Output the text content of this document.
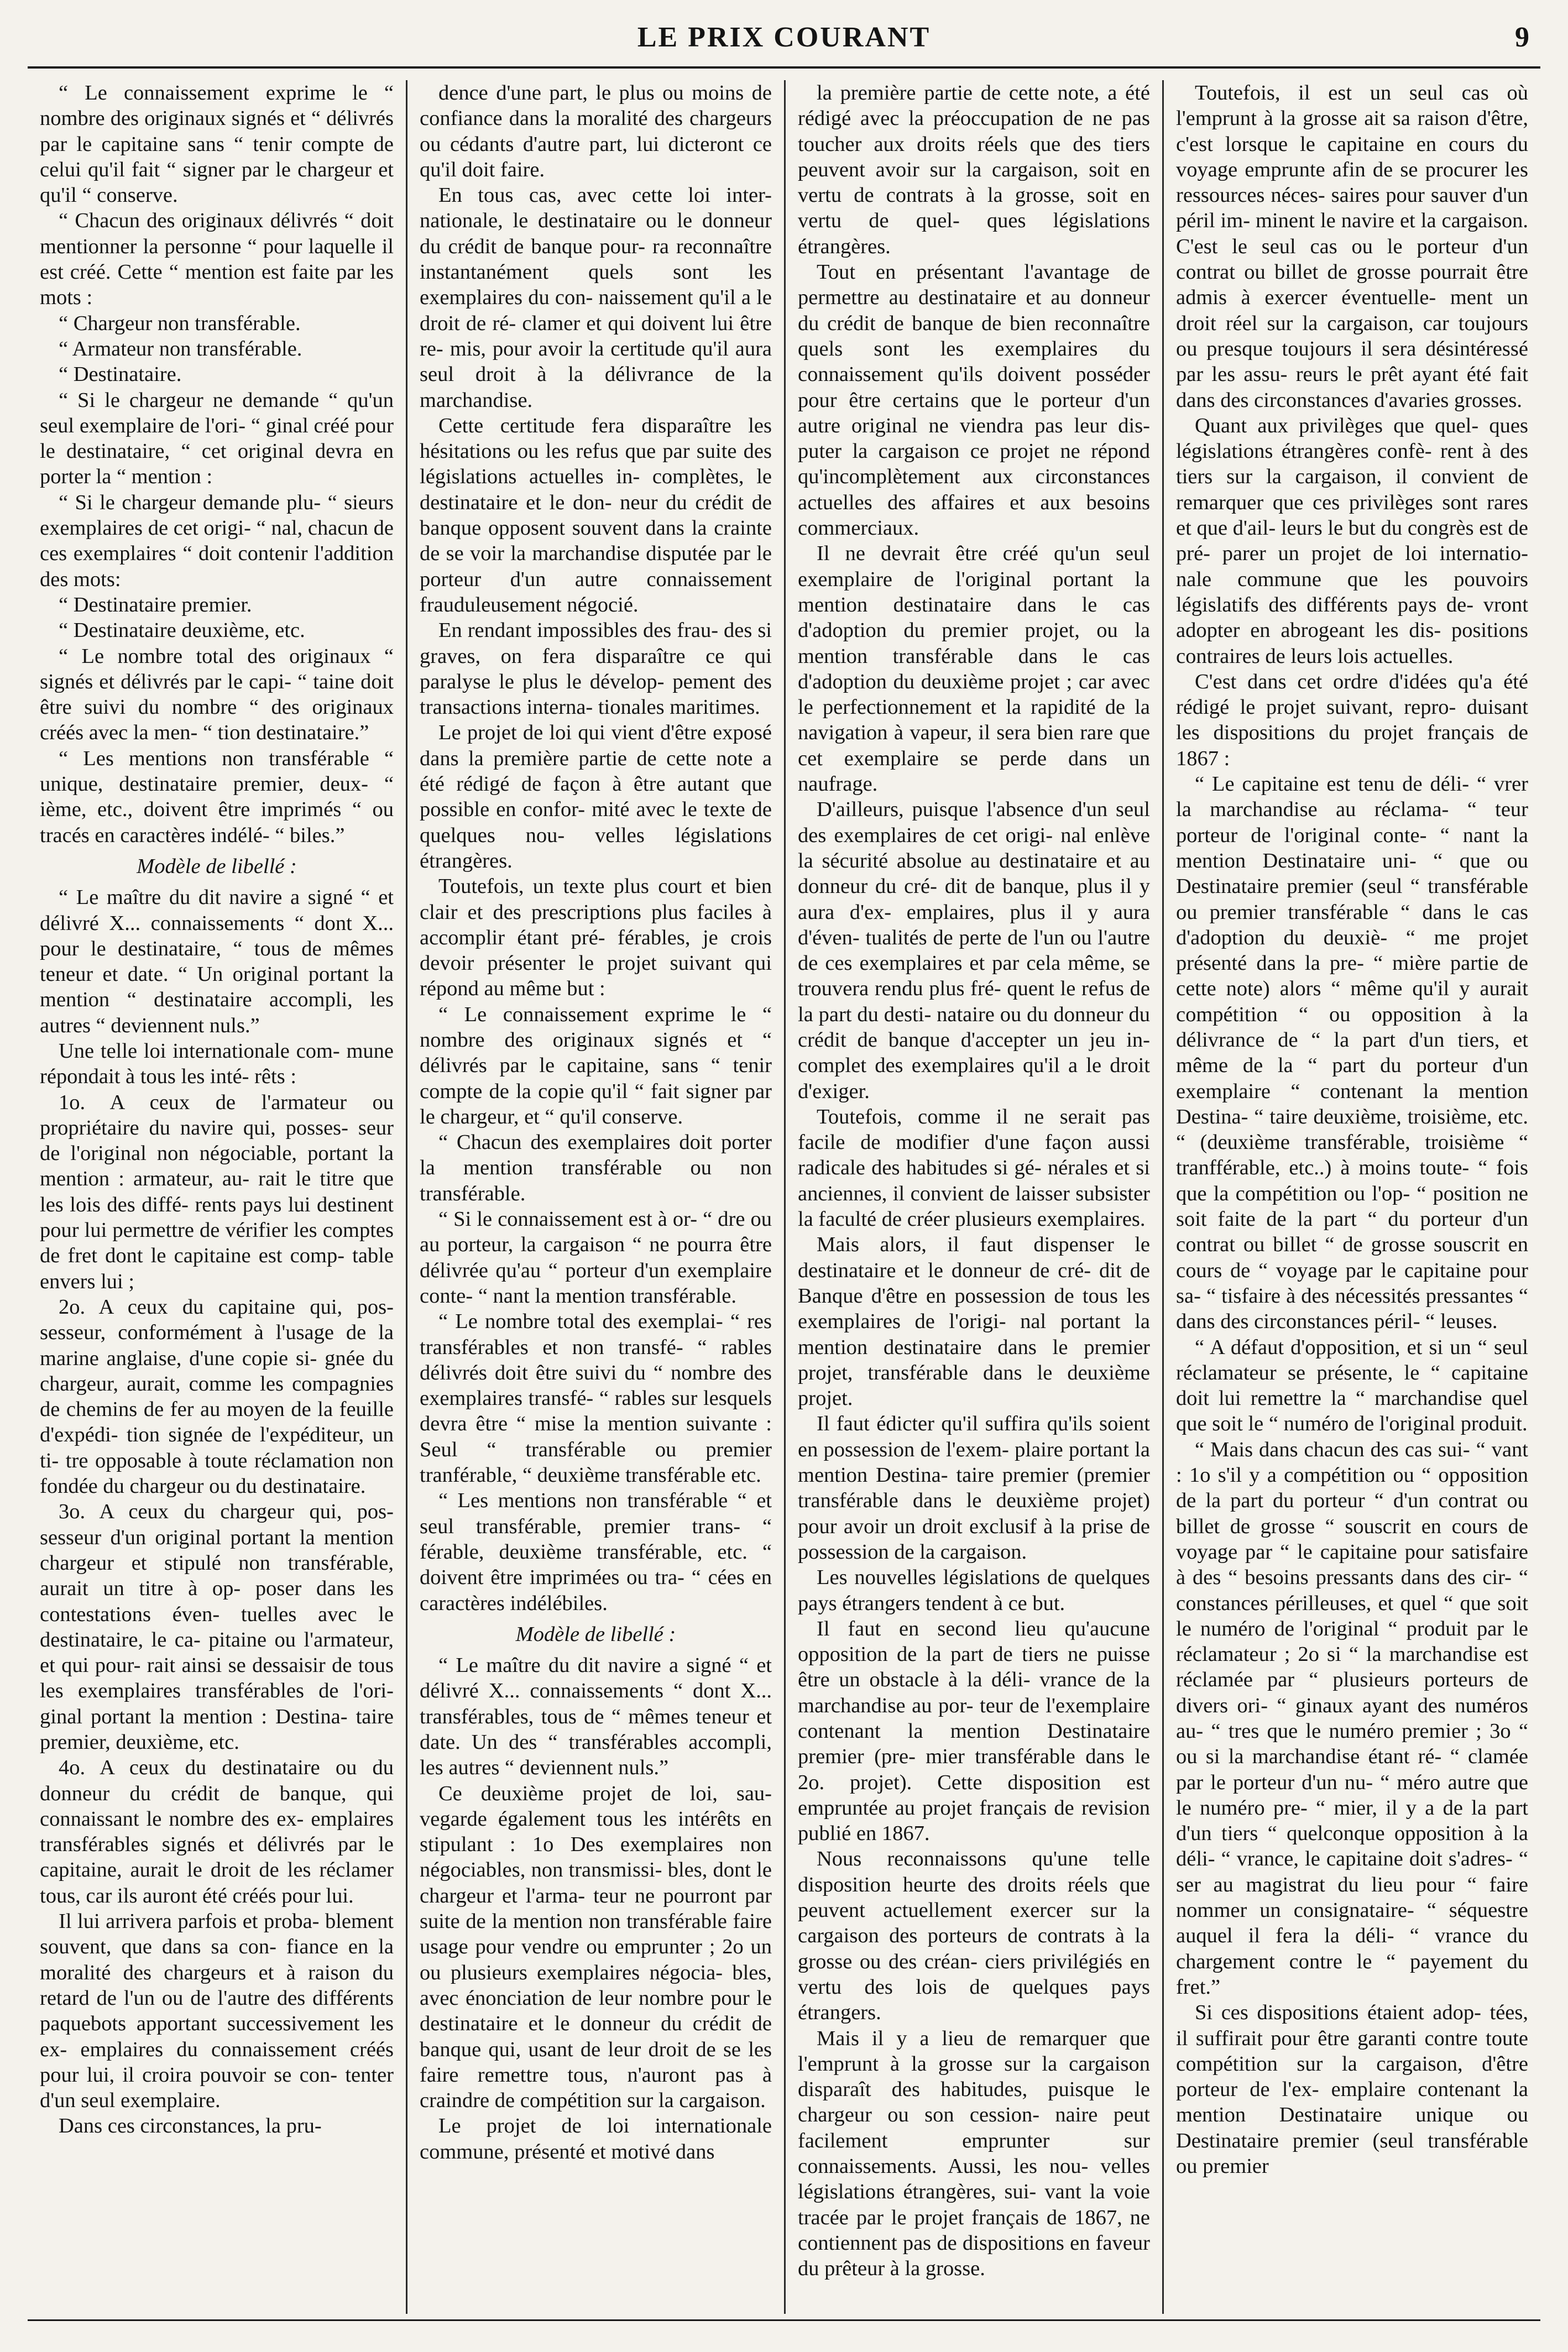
LE PRIX COURANT	9

“ Le connaissement exprime le “ nombre des originaux signés et “ délivrés par le capitaine sans “ tenir compte de celui qu'il fait “ signer par le chargeur et qu'il “ conserve.

“ Chacun des originaux délivrés “ doit mentionner la personne “ pour laquelle il est créé. Cette “ mention est faite par les mots :

“ Chargeur non transférable.

“ Armateur non transférable.

“ Destinataire.

“ Si le chargeur ne demande “ qu'un seul exemplaire de l'ori- “ ginal créé pour le destinataire, “ cet original devra en porter la “ mention :

“ Si le chargeur demande plu- “ sieurs exemplaires de cet origi- “ nal, chacun de ces exemplaires “ doit contenir l'addition des mots:

“ Destinataire premier.

“ Destinataire deuxième, etc.

“ Le nombre total des originaux “ signés et délivrés par le capi- “ taine doit être suivi du nombre “ des originaux créés avec la men- “ tion destinataire.”

“ Les mentions non transférable “ unique, destinataire premier, deux- “ ième, etc., doivent être imprimés “ ou tracés en caractères indélé- “ biles.”

Modèle de libellé :

“ Le maître du dit navire a signé “ et délivré X... connaissements “ dont X... pour le destinataire, “ tous de mêmes teneur et date. “ Un original portant la mention “ destinataire accompli, les autres “ deviennent nuls.”

Une telle loi internationale com- mune répondait à tous les inté- rêts :

1o. A ceux de l'armateur ou propriétaire du navire qui, posses- seur de l'original non négociable, portant la mention : armateur, au- rait le titre que les lois des diffé- rents pays lui destinent pour lui permettre de vérifier les comptes de fret dont le capitaine est comp- table envers lui ;

2o. A ceux du capitaine qui, pos- sesseur, conformément à l'usage de la marine anglaise, d'une copie si- gnée du chargeur, aurait, comme les compagnies de chemins de fer au moyen de la feuille d'expédi- tion signée de l'expéditeur, un ti- tre opposable à toute réclamation non fondée du chargeur ou du destinataire.

3o. A ceux du chargeur qui, pos- sesseur d'un original portant la mention chargeur et stipulé non transférable, aurait un titre à op- poser dans les contestations éven- tuelles avec le destinataire, le ca- pitaine ou l'armateur, et qui pour- rait ainsi se dessaisir de tous les exemplaires transférables de l'ori- ginal portant la mention : Destina- taire premier, deuxième, etc.

4o. A ceux du destinataire ou du donneur du crédit de banque, qui connaissant le nombre des ex- emplaires transférables signés et délivrés par le capitaine, aurait le droit de les réclamer tous, car ils auront été créés pour lui.

Il lui arrivera parfois et proba- blement souvent, que dans sa con- fiance en la moralité des chargeurs et à raison du retard de l'un ou de l'autre des différents paquebots apportant successivement les ex- emplaires du connaissement créés pour lui, il croira pouvoir se con- tenter d'un seul exemplaire.

Dans ces circonstances, la pru-

dence d'une part, le plus ou moins de confiance dans la moralité des chargeurs ou cédants d'autre part, lui dicteront ce qu'il doit faire.

En tous cas, avec cette loi inter- nationale, le destinataire ou le donneur du crédit de banque pour- ra reconnaître instantanément quels sont les exemplaires du con- naissement qu'il a le droit de ré- clamer et qui doivent lui être re- mis, pour avoir la certitude qu'il aura seul droit à la délivrance de la marchandise.

Cette certitude fera disparaître les hésitations ou les refus que par suite des législations actuelles in- complètes, le destinataire et le don- neur du crédit de banque opposent souvent dans la crainte de se voir la marchandise disputée par le porteur d'un autre connaissement frauduleusement négocié.

En rendant impossibles des frau- des si graves, on fera disparaître ce qui paralyse le plus le dévelop- pement des transactions interna- tionales maritimes.

Le projet de loi qui vient d'être exposé dans la première partie de cette note a été rédigé de façon à être autant que possible en confor- mité avec le texte de quelques nou- velles législations étrangères.

Toutefois, un texte plus court et bien clair et des prescriptions plus faciles à accomplir étant pré- férables, je crois devoir présenter le projet suivant qui répond au même but :

“ Le connaissement exprime le “ nombre des originaux signés et “ délivrés par le capitaine, sans “ tenir compte de la copie qu'il “ fait signer par le chargeur, et “ qu'il conserve.

“ Chacun des exemplaires doit porter la mention transférable ou non transférable.

“ Si le connaissement est à or- “ dre ou au porteur, la cargaison “ ne pourra être délivrée qu'au “ porteur d'un exemplaire conte- “ nant la mention transférable.

“ Le nombre total des exemplai- “ res transférables et non transfé- “ rables délivrés doit être suivi du “ nombre des exemplaires transfé- “ rables sur lesquels devra être “ mise la mention suivante : Seul “ transférable ou premier tranférable, “ deuxième transférable etc.

“ Les mentions non transférable “ et seul transférable, premier trans- “ férable, deuxième transférable, etc. “ doivent être imprimées ou tra- “ cées en caractères indélébiles.

Modèle de libellé :

“ Le maître du dit navire a signé “ et délivré X... connaissements “ dont X... transférables, tous de “ mêmes teneur et date. Un des “ transférables accompli, les autres “ deviennent nuls.”

Ce deuxième projet de loi, sau- vegarde également tous les intérêts en stipulant : 1o Des exemplaires non négociables, non transmissi- bles, dont le chargeur et l'arma- teur ne pourront par suite de la mention non transférable faire usage pour vendre ou emprunter ; 2o un ou plusieurs exemplaires négocia- bles, avec énonciation de leur nombre pour le destinataire et le donneur du crédit de banque qui, usant de leur droit de se les faire remettre tous, n'auront pas à craindre de compétition sur la cargaison.

Le projet de loi internationale commune, présenté et motivé dans

la première partie de cette note, a été rédigé avec la préoccupation de ne pas toucher aux droits réels que des tiers peuvent avoir sur la cargaison, soit en vertu de contrats à la grosse, soit en vertu de quel- ques législations étrangères.

Tout en présentant l'avantage de permettre au destinataire et au donneur du crédit de banque de bien reconnaître quels sont les exemplaires du connaissement qu'ils doivent posséder pour être certains que le porteur d'un autre original ne viendra pas leur dis- puter la cargaison ce projet ne répond qu'incomplètement aux circonstances actuelles des affaires et aux besoins commerciaux.

Il ne devrait être créé qu'un seul exemplaire de l'original portant la mention destinataire dans le cas d'adoption du premier projet, ou la mention transférable dans le cas d'adoption du deuxième projet ; car avec le perfectionnement et la rapidité de la navigation à vapeur, il sera bien rare que cet exemplaire se perde dans un naufrage.

D'ailleurs, puisque l'absence d'un seul des exemplaires de cet origi- nal enlève la sécurité absolue au destinataire et au donneur du cré- dit de banque, plus il y aura d'ex- emplaires, plus il y aura d'éven- tualités de perte de l'un ou l'autre de ces exemplaires et par cela même, se trouvera rendu plus fré- quent le refus de la part du desti- nataire ou du donneur du crédit de banque d'accepter un jeu in- complet des exemplaires qu'il a le droit d'exiger.

Toutefois, comme il ne serait pas facile de modifier d'une façon aussi radicale des habitudes si gé- nérales et si anciennes, il convient de laisser subsister la faculté de créer plusieurs exemplaires.

Mais alors, il faut dispenser le destinataire et le donneur de cré- dit de Banque d'être en possession de tous les exemplaires de l'origi- nal portant la mention destinataire dans le premier projet, transférable dans le deuxième projet.

Il faut édicter qu'il suffira qu'ils soient en possession de l'exem- plaire portant la mention Destina- taire premier (premier transférable dans le deuxième projet) pour avoir un droit exclusif à la prise de possession de la cargaison.

Les nouvelles législations de quelques pays étrangers tendent à ce but.

Il faut en second lieu qu'aucune opposition de la part de tiers ne puisse être un obstacle à la déli- vrance de la marchandise au por- teur de l'exemplaire contenant la mention Destinataire premier (pre- mier transférable dans le 2o. projet). Cette disposition est empruntée au projet français de revision publié en 1867.

Nous reconnaissons qu'une telle disposition heurte des droits réels que peuvent actuellement exercer sur la cargaison des porteurs de contrats à la grosse ou des créan- ciers privilégiés en vertu des lois de quelques pays étrangers.

Mais il y a lieu de remarquer que l'emprunt à la grosse sur la cargaison disparaît des habitudes, puisque le chargeur ou son cession- naire peut facilement emprunter sur connaissements. Aussi, les nou- velles législations étrangères, sui- vant la voie tracée par le projet français de 1867, ne contiennent pas de dispositions en faveur du prêteur à la grosse.

Toutefois, il est un seul cas où l'emprunt à la grosse ait sa raison d'être, c'est lorsque le capitaine en cours du voyage emprunte afin de se procurer les ressources néces- saires pour sauver d'un péril im- minent le navire et la cargaison. C'est le seul cas ou le porteur d'un contrat ou billet de grosse pourrait être admis à exercer éventuelle- ment un droit réel sur la cargaison, car toujours ou presque toujours il sera désintéressé par les assu- reurs le prêt ayant été fait dans des circonstances d'avaries grosses.

Quant aux privilèges que quel- ques législations étrangères confè- rent à des tiers sur la cargaison, il convient de remarquer que ces privilèges sont rares et que d'ail- leurs le but du congrès est de pré- parer un projet de loi internatio- nale commune que les pouvoirs législatifs des différents pays de- vront adopter en abrogeant les dis- positions contraires de leurs lois actuelles.

C'est dans cet ordre d'idées qu'a été rédigé le projet suivant, repro- duisant les dispositions du projet français de 1867 :

“ Le capitaine est tenu de déli- “ vrer la marchandise au réclama- “ teur porteur de l'original conte- “ nant la mention Destinataire uni- “ que ou Destinataire premier (seul “ transférable ou premier transférable “ dans le cas d'adoption du deuxiè- “ me projet présenté dans la pre- “ mière partie de cette note) alors “ même qu'il y aurait compétition “ ou opposition à la délivrance de “ la part d'un tiers, et même de la “ part du porteur d'un exemplaire “ contenant la mention Destina- “ taire deuxième, troisième, etc. “ (deuxième transférable, troisième “ tranfférable, etc..) à moins toute- “ fois que la compétition ou l'op- “ position ne soit faite de la part “ du porteur d'un contrat ou billet “ de grosse souscrit en cours de “ voyage par le capitaine pour sa- “ tisfaire à des nécessités pressantes “ dans des circonstances péril- “ leuses.

“ A défaut d'opposition, et si un “ seul réclamateur se présente, le “ capitaine doit lui remettre la “ marchandise quel que soit le “ numéro de l'original produit.

“ Mais dans chacun des cas sui- “ vant : 1o s'il y a compétition ou “ opposition de la part du porteur “ d'un contrat ou billet de grosse “ souscrit en cours de voyage par “ le capitaine pour satisfaire à des “ besoins pressants dans des cir- “ constances périlleuses, et quel “ que soit le numéro de l'original “ produit par le réclamateur ; 2o si “ la marchandise est réclamée par “ plusieurs porteurs de divers ori- “ ginaux ayant des numéros au- “ tres que le numéro premier ; 3o “ ou si la marchandise étant ré- “ clamée par le porteur d'un nu- “ méro autre que le numéro pre- “ mier, il y a de la part d'un tiers “ quelconque opposition à la déli- “ vrance, le capitaine doit s'adres- “ ser au magistrat du lieu pour “ faire nommer un consignataire- “ séquestre auquel il fera la déli- “ vrance du chargement contre le “ payement du fret.”

Si ces dispositions étaient adop- tées, il suffirait pour être garanti contre toute compétition sur la cargaison, d'être porteur de l'ex- emplaire contenant la mention Destinataire unique ou Destinataire premier (seul transférable ou premier
